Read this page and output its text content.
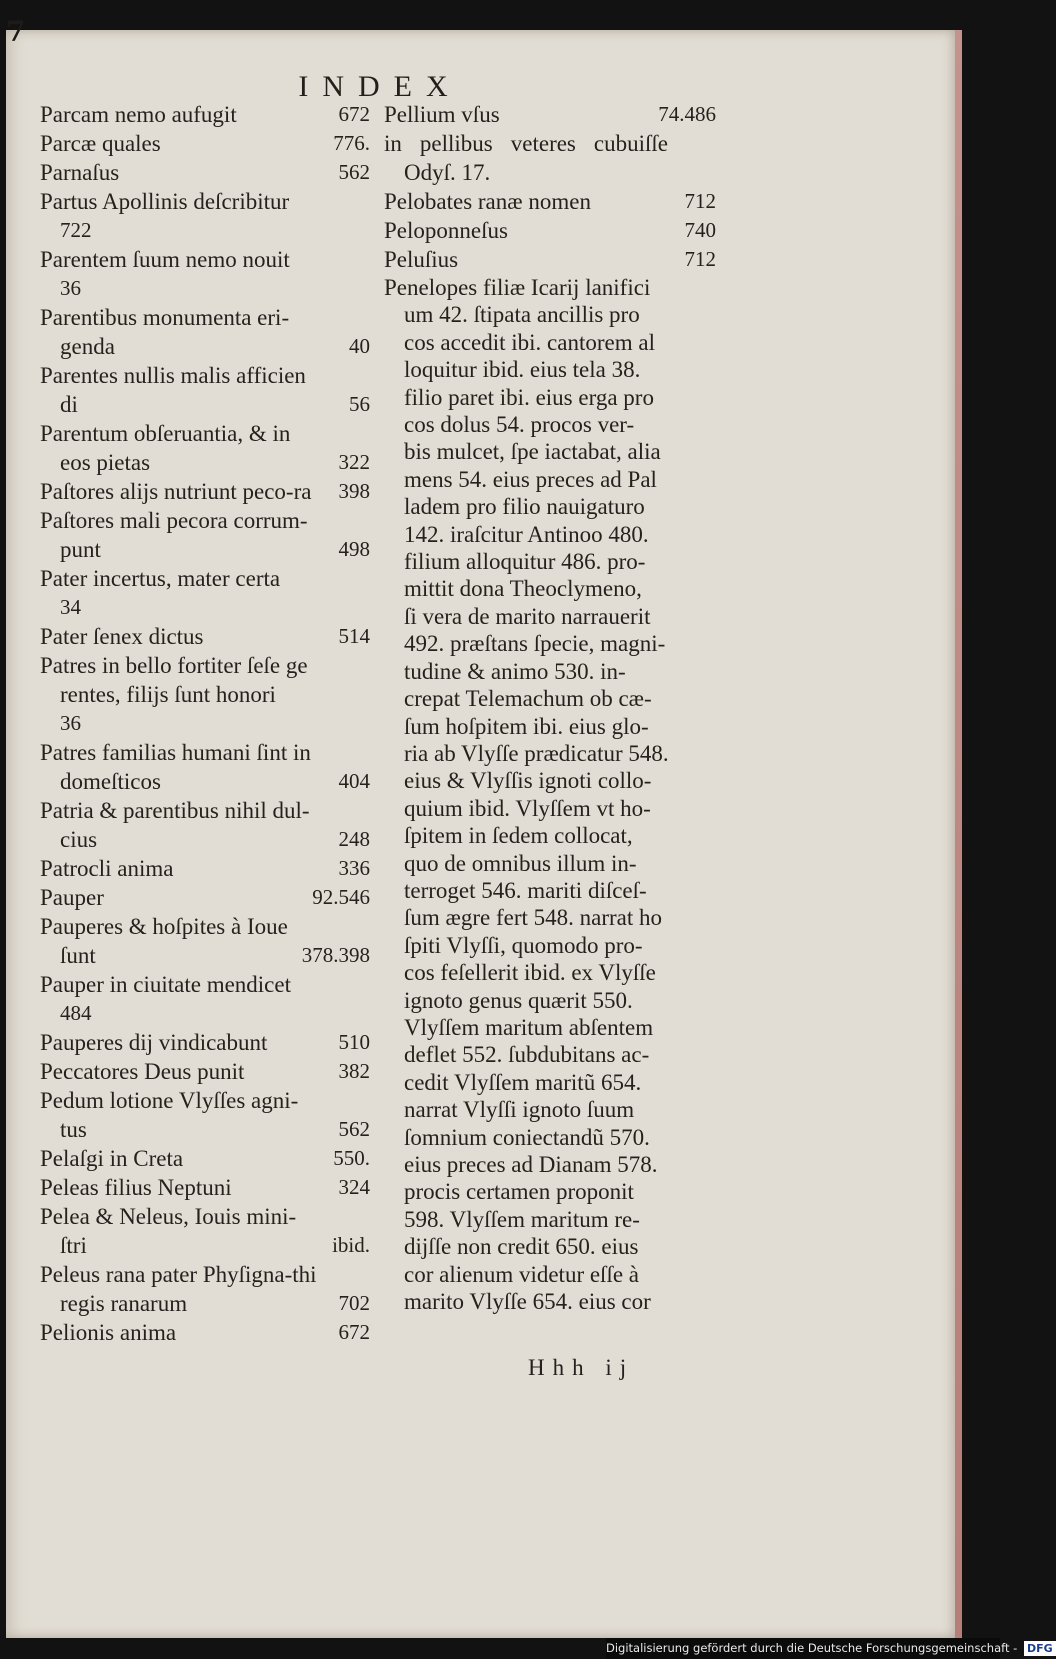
7
INDEX
Parcam nemo aufugit	672
Parcæ quales	776.
Parnaſus	562
Partus Apollinis deſcribitur
722
Parentem ſuum nemo nouit
36
Parentibus monumenta eri-genda	40
Parentes nullis malis afficien di	56
Parentum obſeruantia, & in eos pietas	322
Paſtores alijs nutriunt peco-ra	398
Paſtores mali pecora corrum-punt	498
Pater incertus, mater certa
34
Pater ſenex dictus	514
Patres in bello fortiter ſeſe ge rentes, filijs ſunt honori
36
Patres familias humani ſint in domeſticos	404
Patria & parentibus nihil dul-cius	248
Patrocli anima	336
Pauper	92.546
Pauperes & hoſpites à Ioue ſunt	378.398
Pauper in ciuitate mendicet
484
Pauperes dij vindicabunt	510
Peccatores Deus punit	382
Pedum lotione Vlyſſes agni-tus	562
Pelaſgi in Creta	550.
Peleas filius Neptuni	324
Pelea & Neleus, Iouis mini-ſtri	ibid.
Peleus rana pater Phyſigna-thi regis ranarum	702
Pelionis anima	672
Pellium vſus	74.486
in pellibus veteres cubuiſſe Odyſ. 17.
Pelobates ranæ nomen	712
Peloponneſus	740
Peluſius	712
Penelopes filiæ Icarij lanifici
um 42. ſtipata ancillis pro
cos accedit ibi. cantorem al
loquitur ibid. eius tela 38.
filio paret ibi. eius erga pro
cos dolus 54. procos ver-
bis mulcet, ſpe iactabat, alia
mens 54. eius preces ad Pal
ladem pro filio nauigaturo
142. iraſcitur Antinoo 480.
filium alloquitur 486. pro-
mittit dona Theoclymeno,
ſi vera de marito narrauerit
492. præſtans ſpecie, magni-
tudine & animo 530. in-
crepat Telemachum ob cæ-
ſum hoſpitem ibi. eius glo-
ria ab Vlyſſe prædicatur 548.
eius & Vlyſſis ignoti collo-
quium ibid. Vlyſſem vt ho-
ſpitem in ſedem collocat,
quo de omnibus illum in-
terroget 546. mariti diſceſ-
ſum ægre fert 548. narrat ho
ſpiti Vlyſſi, quomodo pro-
cos feſellerit ibid. ex Vlyſſe
ignoto genus quærit 550.
Vlyſſem maritum abſentem
deflet 552. ſubdubitans ac-
cedit Vlyſſem maritũ 654.
narrat Vlyſſi ignoto ſuum
ſomnium coniectandũ 570.
eius preces ad Dianam 578.
procis certamen proponit
598. Vlyſſem maritum re-
dijſſe non credit 650. eius
cor alienum videtur eſſe à
marito Vlyſſe 654. eius cor
Hhh ij
Digitalisierung gefördert durch die Deutsche Forschungsgemeinschaft - DFG
